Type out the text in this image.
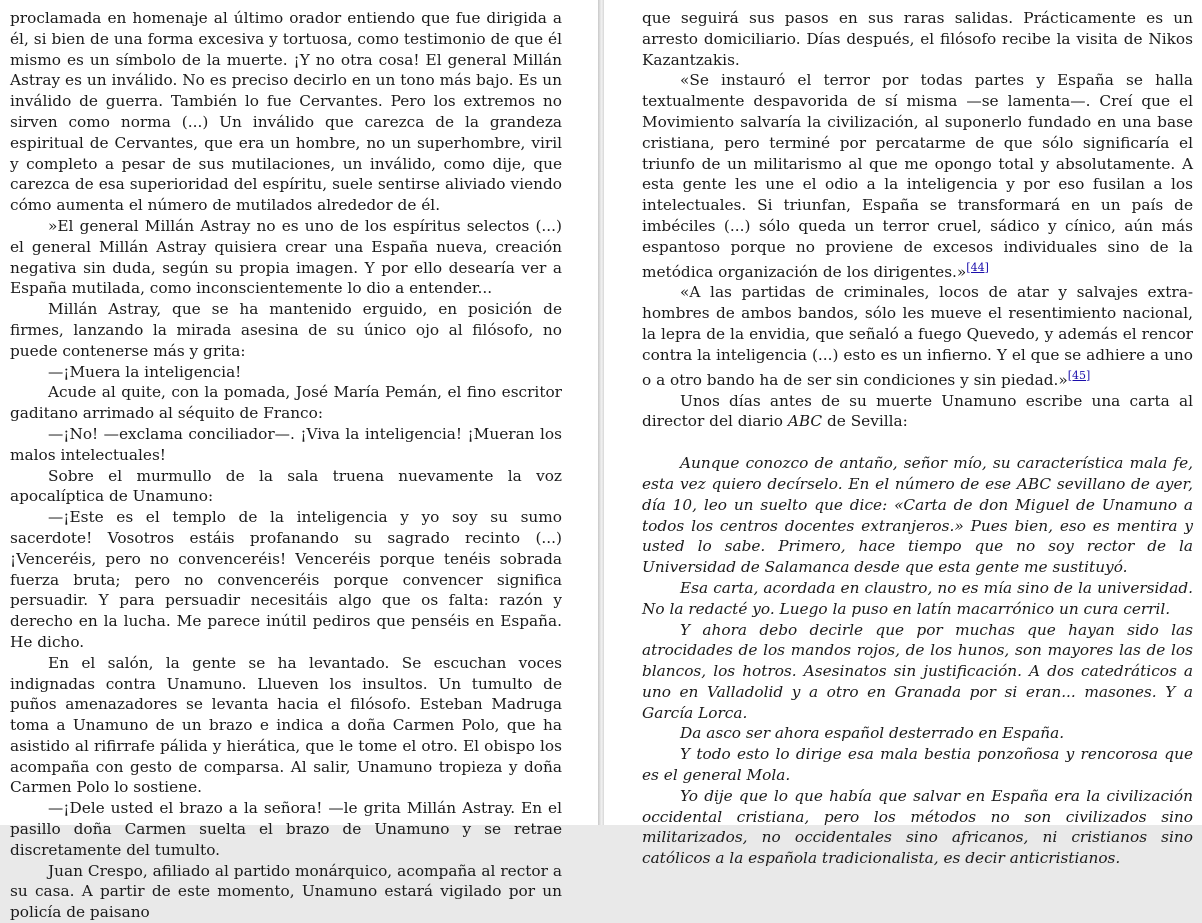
proclamada en homenaje al último orador entiendo que fue dirigida a él, si bien de una forma excesiva y tortuosa, como testimonio de que él mismo es un símbolo de la muerte. ¡Y no otra cosa! El general Millán Astray es un inválido. No es preciso decirlo en un tono más bajo. Es un inválido de guerra. También lo fue Cervantes. Pero los extremos no sirven como norma (...) Un inválido que carezca de la grandeza espiritual de Cervantes, que era un hombre, no un superhombre, viril y completo a pesar de sus mutilaciones, un inválido, como dije, que carezca de esa superioridad del espíritu, suele sentirse aliviado viendo cómo aumenta el número de mutilados alrededor de él.

»El general Millán Astray no es uno de los espíritus selectos (...) el general Millán Astray quisiera crear una España nueva, creación negativa sin duda, según su propia imagen. Y por ello desearía ver a España mutilada, como inconscientemente lo dio a entender...

Millán Astray, que se ha mantenido erguido, en posición de firmes, lanzando la mirada asesina de su único ojo al filósofo, no puede contenerse más y grita:

—¡Muera la inteligencia!

Acude al quite, con la pomada, José María Pemán, el fino escritor gaditano arrimado al séquito de Franco:

—¡No! —exclama conciliador—. ¡Viva la inteligencia! ¡Mueran los malos intelectuales!

Sobre el murmullo de la sala truena nuevamente la voz apocalíptica de Unamuno:

—¡Este es el templo de la inteligencia y yo soy su sumo sacerdote! Vosotros estáis profanando su sagrado recinto (...) ¡Venceréis, pero no convenceréis! Venceréis porque tenéis sobrada fuerza bruta; pero no convenceréis porque convencer significa persuadir. Y para persuadir necesitáis algo que os falta: razón y derecho en la lucha. Me parece inútil pediros que penséis en España. He dicho.

En el salón, la gente se ha levantado. Se escuchan voces indignadas contra Unamuno. Llueven los insultos. Un tumulto de puños amenazadores se levanta hacia el filósofo. Esteban Madruga toma a Unamuno de un brazo e indica a doña Carmen Polo, que ha asistido al rifirrafe pálida y hierática, que le tome el otro. El obispo los acompaña con gesto de comparsa. Al salir, Unamuno tropieza y doña Carmen Polo lo sostiene.

—¡Dele usted el brazo a la señora! —le grita Millán Astray. En el pasillo doña Carmen suelta el brazo de Unamuno y se retrae discretamente del tumulto.

Juan Crespo, afiliado al partido monárquico, acompaña al rector a su casa. A partir de este momento, Unamuno estará vigilado por un policía de paisano

que seguirá sus pasos en sus raras salidas. Prácticamente es un arresto domiciliario. Días después, el filósofo recibe la visita de Nikos Kazantzakis.

«Se instauró el terror por todas partes y España se halla textualmente despavorida de sí misma —se lamenta—. Creí que el Movimiento salvaría la civilización, al suponerlo fundado en una base cristiana, pero terminé por percatarme de que sólo significaría el triunfo de un militarismo al que me opongo total y absolutamente. A esta gente les une el odio a la inteligencia y por eso fusilan a los intelectuales. Si triunfan, España se transformará en un país de imbéciles (...) sólo queda un terror cruel, sádico y cínico, aún más espantoso porque no proviene de excesos individuales sino de la metódica organización de los dirigentes.»[44]

«A las partidas de criminales, locos de atar y salvajes extra-hombres de ambos bandos, sólo les mueve el resentimiento nacional, la lepra de la envidia, que señaló a fuego Quevedo, y además el rencor contra la inteligencia (...) esto es un infierno. Y el que se adhiere a uno o a otro bando ha de ser sin condiciones y sin piedad.»[45]

Unos días antes de su muerte Unamuno escribe una carta al director del diario ABC de Sevilla:

Aunque conozco de antaño, señor mío, su característica mala fe, esta vez quiero decírselo. En el número de ese ABC sevillano de ayer, día 10, leo un suelto que dice: «Carta de don Miguel de Unamuno a todos los centros docentes extranjeros.» Pues bien, eso es mentira y usted lo sabe. Primero, hace tiempo que no soy rector de la Universidad de Salamanca desde que esta gente me sustituyó.

Esa carta, acordada en claustro, no es mía sino de la universidad. No la redacté yo. Luego la puso en latín macarrónico un cura cerril.

Y ahora debo decirle que por muchas que hayan sido las atrocidades de los mandos rojos, de los hunos, son mayores las de los blancos, los hotros. Asesinatos sin justificación. A dos catedráticos a uno en Valladolid y a otro en Granada por si eran... masones. Y a García Lorca.

Da asco ser ahora español desterrado en España.

Y todo esto lo dirige esa mala bestia ponzoñosa y rencorosa que es el general Mola.

Yo dije que lo que había que salvar en España era la civilización occidental cristiana, pero los métodos no son civilizados sino militarizados, no occidentales sino africanos, ni cristianos sino católicos a la española tradicionalista, es decir anticristianos.
